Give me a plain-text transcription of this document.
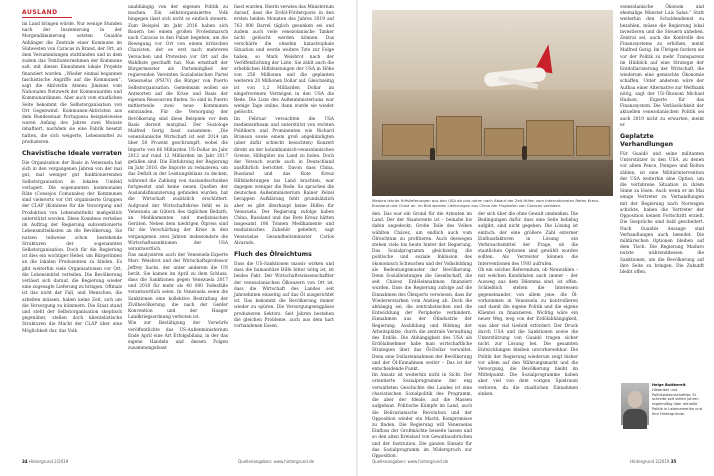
AUSLAND

im Land bringen würde. Nur wenige Stunden nach der Inszenierung in der Morgendämmerung setzten Guaidós Anhänger die Zentrale einer Kommune im Südwesten von Caracas in Brand, der Ort, an dem Versammlungen stattfanden und in dem zudem das Textilunternehmen der Kommune saß, mit diesen Einnahmen lokale Projekte finanziert wurden. „Wieder einmal begannen faschistische Angriffe auf die Kommunen“, sagt die Aktivistin Atenea Jiménez vom Nationalen Netzwerk der Kommunarden und Kommunardinnen. Aber auch vom staatlichen Seite bekommt die Selbstorganisation von Ort Gegenwind. Kommunen-Aktivisten aus dem Bundesstaat Portuguesa beispielsweise waren Anfang des Jahres zwei Monate inhaftiert, nachdem sie eine Fabrik besetzt hatten, die sich weigerte, Lebensmittel zu produzieren.

Chavistische Ideale verraten

Die Organisation der Basis in Venezuela hat sich in den vergangenen Jahren von der mal gut, mal weniger gut funktionierenden Selbstorganisation in lokalen Umfeld verlagert. Die sogenannten kommunalen Räte (Consejos Comunales) der Kommunen sind vielerorts vor Ort organisierte Gruppen der CLAP (Komitees für die Versorgung und Produktion von Lebensmitteln) maßgeblich unterstützt worden. Diese Komitees verteilen im Auftrag der Regierung subventionierte Lebensmittelkisten an die Bevölkerung. Sie nutzen teilweise schon bestehende Strukturen der sogenannten Selbstorganisation. Doch für die Regierung ist dies ein wichtiger Hebel, um Bürgerinnen an die lokalen Produzenten zu binden. Es gibt weiterhin viele Organisationen vor Ort, die Lebensmittel verteilen. Die Bevölkerung verlässt sich darauf, die Regierung wieder eine zugesagte Lieferung zu bringen. Oftmals ist das nicht der Fall, und Menschen, die arbeiten müssen, haben keine Zeit, sich um die Versorgung zu kümmern. Die Staat stand und steht der Selbstorganisation skeptisch gegenüber, stellen doch klientelistische Strukturen die Macht der CLAP über eine Möglichkeit dar, das Volk

unabhängig von der eigenen Politik zu machen. Ein selbstorganisiertes Volk hingegen lässt sich nicht so einfach steuern. Zum Beispiel im Jahr 2016 haben sich Bauern bei einem großen Protestmarsch nach Caracas in den Palast begeben, um die Bewegung vor Ort von einem kritischen Chavisten, der es erst nach mehreren Versuchen und Protesten vor Ort auf die Wahlliste geschafft hat. Nun ernsthaft der Bürgermeister als Parteimitglied der regierenden Vereinten Sozialistischen Partei Venezuelas (PSUV) die Bürger von Puerto Selbstorganisation. Gemeinsam wollen sie Antworten auf die Krise und Basis der eigenen Ressourcen finden. So sind in Puerto mittlerweile zwei neue Kommunen entstanden. Für die Versorgung der Bevölkerung sind diese Beispiele vor dem Basis derzeit marginal. Der Soziologe Malfred Gerig fasst zusammen: „Die venezolanische Wirtschaft ist seit 2014 um über 50 Prozent geschrumpft, wobei die Importe von 66 Milliarden US-Dollar im Jahr 2012 auf rund 12 Milliarden im Jahr 2017 gefallen sind. Die Einfuhrung der Regierung im Jahr 2016, die Importe zu reduzieren, um das Defizit in der Leistungsbilanz zu decken, während die Zahlung von Auslandsschulden fortgesetzt und keine neuen Quellen der Auslandsfinanzierung gefunden wurden, hat die Wirtschaft zusätzlich erschüttert. Aufgrund der Wirtschaftskrise fehlt es in Venezuela an Gütern des täglichen Bedarfs, an Medikamenten und medizinischen Geräten. Neben dem niedrigen Ölpreis sind für die Verschärfung der Krise in den vergangenen zwei Jahren insbesondere die Wirtschaftssanktionen der USA verantwortlich.

Das analysieren auch der Venezuela-Experte Marc Weisbrot und der Wirtschaftsprofessor Jeffrey Sachs, der unter anderem die UN berät. Sie kamen im April zu dem Schluss, dass die Sanktionen gegen Venezuela 2017 und 2018 für mehr als 40 000 Todesfälle verantwortlich seien. In Venezuela seien die Sanktionen eine kollektive Bestrafung der Zivilbevölkerung, die nach der Genfer Konvention und der Haager Landkriegsordnung verboten ist.

Wie zur Bestätigung der Vorwürfe veröffentlichte das US-Außenministerium Ende April eine Art Erfolgsbilanz, in der das eigene Handeln und dessen Folgen zusammengefasst

fasst wurden. Hierin verwies das Ministerium darauf, dass die Erdöl-Förderquote in den ersten beiden Monaten des Jahres 2019 auf 763 000 Barrel täglich gesunken sei und zudem auch viele venezolanische Tanker nicht gelöscht werden können. Das verschärfe die ohnehin katastrophale Situation und werde weitere Tote zur Folge haben, so Mark Weisbrot nach der Veröffentlichung der Liste. Sie zählt auch die erheblichen Hilfsleistungen der USA in Höhe von 256 Millionen und die geplanten weiteren 20 Millionen Dollar auf. Gleichzeitig ist von 1,2 Milliarden Dollar an eingefrorenem Vermögen in den USA die Rede. Die Liste des Außenministeriums war wenige Tage online, dann wurde sie wieder gelöscht.

Im Februar versuchten die USA medienwirksam und unterstützt von rechten Politikern und Prominenten wie Richard Branson sowie einem groß angekündigten (aber dafür schlecht besuchten) Konzert direkt an der kolumbianisch-venezolanischen Grenze, Hilfsgüter ins Land zu holen. Doch der Versuch wurde auch in Deutschland ausführlich berichtet. Davon dass China, Russland und das Rote Kreuz Hilfslieferungen ins Land brachten, war dagegen weniger die Rede. So sprachen die deutschen Außenministerium Rainer Pelzel berappen Aufklärung fehlt grundsätzlich aber es gibt überhaupt keine Hilfen für Venezuela. Der Regierung zufolge haben China, Russland und das Rote Kreuz hätten insgesamt 106 Tonnen Medikamente und medizinisches Zubehör geliefert, sagt Venezuelas Gesundheitsminister Carlos Alvarado.

Fluch des Ölreichtums

Dass die US-Sanktionen massiv wirken und dass die humanitäre Hilfe bitter nötig ist, ist beides Fakt. Der Wirtschaftswissenschaftler der venezolanischen Ölkonzern von Ort ist, dass die Wirtschaft des Landes seit Jahrzehnten einseitig auf das Öl ausgerichtet ist. Das bekommt die Bevölkerung immer wieder zu spüren. Die Versorgungsengpässe produzieren Sektors. Seit Jahren bestehen die gleichen Probleme, auch aus dem hart vorhandenen Essen.

34 Hintergrund 2/2019	Quellenangaben: www.hintergrund.de
Maduro lehnte Hilfslieferungen aus den USA ab und nahm nach Ablauf der Zeit Hilfen vom Internationalen Roten Kreuz, Russland und China an. Im Bild werden Lieferungen aus China am Flughafen von Caracas verladen.

den. Das war ein Grund für die Armuten im Land. Der der Staatsrente ist – beinahe bis dahin ungedeckt: Große Teile des Volkes wählten Chávez, um endlich auch vom Ölreichtum zu profitieren. Auch deswegen stehen viele bis heute hinter der Regierung. Das Sozialprogramm gleichzeitig die politische und soziale Inklusion des ökonomisch Schwachen und der Volksbildung als Bedeutungsmuster der Bevölkerung. Denn Sozialleistungen die Gesellschaft, die seit Chávez Erdöleinnahmen finanziert wurden. Dass die Regierung zufolge auf die Einnahmen des Ölexports verwiesen, dass ihr Wiedererstarken vom Anstieg ab. Doch die abhängig sei, die zentralistischen und die Entwicklung der Peripherie verhindern. Einnahmen aus der Ölindustrie der Regierung. Ausbildung und Bildung der Arbeitsplätze, durch die zentrale Verwaltung des Erdöls. Die Abhängigkeit des USA als Erdölabnehmer habe man wirtschaftliche Strategien über das Öl-Dollar verwaltet. Denn eine Dollareinnahmen der Bevölkerung und der Öl-Einnahmen weiter – Das ist der entscheidende Punkt.

Im Ansatz ist weiterhin nicht in Sicht. Der orientierte Sozialprogramme der eng verwalteten Geschichte des Landes ist eine chavistischen Sozialpolitik des Programm, die aber der Ideale, auf die Massen aufgebaut. Politische Kämpfe im Land, auch die Bolivarianische Revolution und der Opposition wieder ein Macht, Kompromisse zu finden. Die Regierung will Venezuelas Einfluss der Großmächte beiseite lassen und so den alten Kreislauf von Gewaltausbrüchen und der Institution. Die ganzen Einsatz für das Sozialprogramm im Widerspruch zur Opposition.

der sich über die ohne Gewalt umdenken. Die Bedingungen dafür, dass eine Seite beliebig aufgibt, sind nicht gegeben. Die Lösung ist einfach: der eine größere Zahl externer Einflussfaktoren in Lösung ein Verbrauchsmittel der Frage, ob die staatlichen Optionen sind gewählt worden sollten. Als Verreister können die Interventionen des UNO aufrufen.

Ob ein solches Referendum, ob Neuwahlen – mit welchen Kandidaten auch immer – der Ausweg aus dem Dilemma sind, ist offen. Schließlich stehen die Interessen gegeneinander, von allem jene, die Öl-vorkommen in Venezuela zu kontrollieren und damit die eigene Politik und die eigene Klientel zu finanzieren. Wichtig wäre ein neuer Weg, weg von der Erdölabhängigkeit, was aber viel Geduld erfordert. Der Druck durch USA und die Sanktionen sowie die Unterstützung von Guaidó tragen sicher nicht zur Lösung bei. Die gesamten Entwicklungen bleiben unvorhersehbar. Die Politik der Regierung wiederum zeigt bisher vor allem auf den Währungsmarkt und die Versorgung, die Bevölkerung bleibt im Mittelpunkt. Die Sozialprogramme haben aber viel von dem vorigen Spielraum verloren, da die staatlichen Einnahmen sinken.

venezolanische Ökonom und ehemalige Minister Luis Salas.“ Statt weiterhin den Schuldendienst zu bezahlen, müsse die Regierung lokal investieren und die Steuern anheben. Zentral sei, auch die Kontrolle des Finanzsystems zu erhöhen, meint Malfred Gerig. Im Übrigen fordern sie vor der Politik zu mehr Transparenz im Hinblick auf eine Strategie der Entdollarisierung der Wirtschaft, die wiederum eine gemischte Ökonomie schaffen. Unter anderem wäre der Aufbau einer Alternative zur Welthank nötig, sagt der US-Ökonom Michael Hudson, Experte für das Finanzsystem. Die Verlässlichkeit der aktuellen venezolanischen Politik sei auch 2019 nicht zu erwarten, meint er.

Geplatzte Verhandlungen

Für Guaidó und seine militanten Unterstützer in den USA, zu denen vor allem Pence, Pompeo und Bolton zählen, ist eine Militärintervention der USA weiterhin eine Option, um die verfahrene Situation in ihrem Sinne zu lösen. Auch wenn er im Mai einige Vertreter zu Verhandlungen mit der Regierung nach Norwegen schickte, haben die Vertreter der Opposition keinen Fortschritt erzielt. Die Gespräche sind bald gescheitert. Nach Guaidós Aussage sind Verhandlungen auch beendet. Die militärischen Optionen bleiben auf dem Tisch. Die Regierung Maduro nutzte währenddessen die Sanktionen, um die Bevölkerung auf ihre Seite zu bringen. Die Zukunft bleibt offen.

Helge Buttkereit
Historiker und Politikwissenschaftler. Er schreibt seit vielen Jahren regelmäßig über aktuelle Politik in Lateinamerika und ihre Hintergründe.
Quellenangaben: www.hintergrund.de	Hintergrund 2/2019 35
